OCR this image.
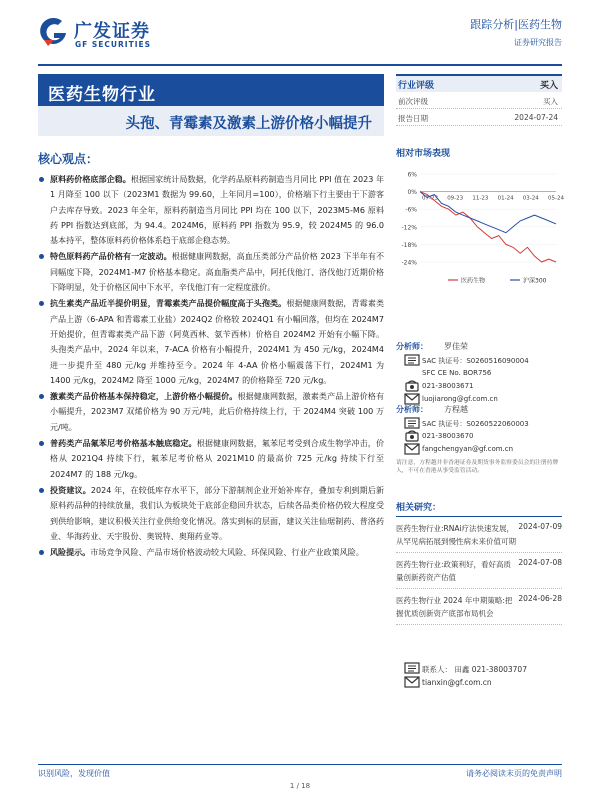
广发证券
GF SECURITIES
跟踪分析|医药生物
证券研究报告
医药生物行业
头孢、青霉素及激素上游价格小幅提升
行业评级	买入
前次评级	买入
报告日期	2024-07-24
相对市场表现
6%
0%
-6%
-12%
-18%
-24%
07-23 09-23 11-23 01-24 03-24 05-24
医药生物	沪深300
分析师： 罗佳荣
SAC 执证号：S0260516090004
SFC CE No. BOR756
021-38003671
luojiarong@gf.com.cn
分析师： 方程越
SAC 执证号：S0260522060003
021-38003670
fangchengyan@gf.com.cn
请注意，方程越并非香港证券及期货事务监察委员会的注册持牌人，不可在香港从事受监管活动。
相关研究：
医药生物行业:RNAi疗法快速发展，从罕见病拓展到慢性病未来价值可期
2024-07-09
医药生物行业:政策利好，看好高质量创新药资产估值
2024-07-08
医药生物行业 2024 年中期策略:把握优质创新资产底部布局机会
2024-06-28
联系人： 田鑫 021-38003707
tianxin@gf.com.cn
核心观点：
原料药价格底部企稳。根据国家统计局数据，化学药品原料药制造当月同比 PPI 值在 2023 年 1 月降至 100 以下（2023M1 数据为 99.60，上年同月=100），价格端下行主要由于下游客户去库存导致。2023 年全年，原料药制造当月同比 PPI 均在 100 以下，2023M5-M6 原料药 PPI 指数达到底部，为 94.4。2024M6，原料药 PPI 指数为 95.9，较 2024M5 的 96.0 基本持平，整体原料药价格体系趋于底部企稳态势。
特色原料药产品价格有一定波动。根据健康网数据，高血压类部分产品价格 2023 下半年有不同幅度下降，2024M1-M7 价格基本稳定。高血脂类产品中，阿托伐他汀、洛伐他汀近期价格下降明显，处于价格区间中下水平，辛伐他汀有一定程度涨价。
抗生素类产品近半提价明显，青霉素类产品提价幅度高于头孢类。根据健康网数据，青霉素类产品上游（6-APA 和青霉素工业盐）2024Q2 价格较 2024Q1 有小幅回落，但均在 2024M7 开始提价，但青霉素类产品下游（阿莫西林、氨苄西林）价格自 2024M2 开始有小幅下降。头孢类产品中，2024 年以来，7-ACA 价格有小幅提升，2024M1 为 450 元/kg，2024M4 进一步提升至 480 元/kg 并维持至今。2024 年 4-AA 价格小幅震荡下行，2024M1 为 1400 元/kg，2024M2 降至 1000 元/kg，2024M7 的价格降至 720 元/kg。
激素类产品价格基本保持稳定，上游价格小幅提价。根据健康网数据，激素类产品上游价格有小幅提升，2023M7 双烯价格为 90 万元/吨，此后价格持续上行，于 2024M4 突破 100 万元/吨。
普药类产品氟苯尼考价格基本触底稳定。根据健康网数据，氟苯尼考受到合成生物学冲击，价格从 2021Q4 持续下行，氟苯尼考价格从 2021M10 的最高价 725 元/kg 持续下行至 2024M7 的 188 元/kg。
投资建议。2024 年，在较低库存水平下，部分下游制剂企业开始补库存，叠加专利到期后新原料药品种的持续放量，我们认为板块处于底部企稳回升状态，后续各品类价格仍较大程度受到供给影响，建议积极关注行业供给变化情况。落实到标的层面，建议关注仙琚制药、普洛药业、华海药业、天宇股份、奥锐特、奥翔药业等。
风险提示。市场竞争风险、产品市场价格波动较大风险、环保风险、行业产业政策风险。
识别风险，发现价值	请务必阅读末页的免责声明
1 / 18
